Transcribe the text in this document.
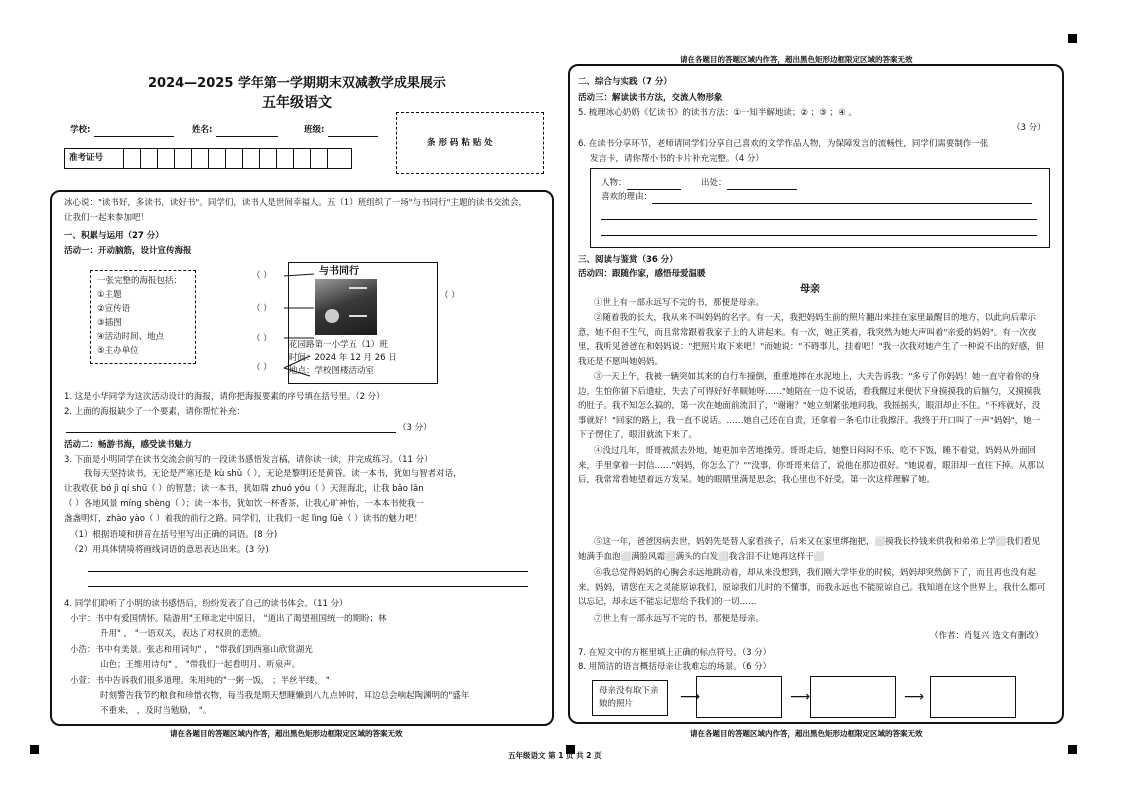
2024—2025 学年第一学期期末双减教学成果展示
五年级语文
学校:	姓名:	班级:
条 形 码 粘 贴 处
准考证号
冰心说："读书好，多读书，读好书"。同学们，读书人是世间幸福人。五（1）班组织了一场"与书同行"主题的读书交流会，让我们一起来参加吧！
一、积累与运用（27 分）
活动一：开动脑筋，设计宣传海报
一张完整的海报包括：
①主题
②宣传语
③插图
④活动时间、地点
⑤主办单位
（ ）
（ ）
（ ）
（ ）
（ ）
与书同行
花园路第一小学五（1）班
时间：2024 年 12 月 26 日
地点：学校图楼活动室
1. 这是小华同学为这次活动设计的海报，请你把海报要素的序号填在括号里。（2 分）
2. 上面的海报缺少了一个要素，请你帮忙补充：
（3 分）
活动二：畅游书海，感受读书魅力
3. 下面是小明同学在读书交流会前写的一段读书感悟发言稿，请你读一读，并完成练习。（11 分）
我每天坚持读书，无论是严寒还是 kù shǔ（ ），无论是黎明还是黄昏。读一本书，犹如与智者对话，
让我收获 bó jì qí shū（ ）的智慧；读一本书，犹如瑞 zhuó yóu（ ）天涯海北，让我 bǎo lǎn
（ ）各地风景 míng shèng（ ）；读一本书，犹如饮一杯香茶，让我心旷神怡，一本本书使我一
盏盏明灯，zhào yào（ ）着我的前行之路。同学们，让我们一起 lìng lüè（ ）读书的魅力吧！
（1）根据语境和拼音在括号里写出正确的词语。(8 分)
（2）用具体情境将画线词语的意思表达出来。(3 分)
4. 同学们聆听了小明的读书感悟后，纷纷发表了自己的读书体会。（11 分）
小宇：书中有爱国情怀。陆游用"王师北定中原日， "道出了渴望祖国统一的期盼；林
升用" ， "一语双关，表达了对权贵的悲愤。
小浩：书中有美景。张志和用词句" ， "带我们到西塞山欣赏湖光
山色；王维用诗句" ， "带我们一起看明月、听泉声。
小萱：书中告诉我们很多道理。朱用纯的"一粥一饭， ；半丝半缕， "
时刻警告我节约粮食和珍惜衣物，每当我是期天想睡懒到八九点钟时，耳边总会响起陶渊明的"盛年
不重来， ，及时当勉励， "。
请在各题目的答题区域内作答，超出黑色矩形边框限定区域的答案无效
请在各题目的答题区域内作答，超出黑色矩形边框限定区域的答案无效
二、综合与实践（7 分）
活动三：解读读书方法，交流人物形象
5. 梳理冰心奶奶《忆读书》的读书方法：①一知半解地读；② ；③ ；④ 。
（3 分）
6. 在读书分享环节，老师请同学们分享自己喜欢的文学作品人物，为保障发言的流畅性，同学们需要制作一张
发言卡，请你帮小书的卡片补充完整。（4 分）
人物：	出处：
喜欢的理由：
三、阅读与鉴赏（36 分）
活动四：跟随作家，感悟母爱温暖
母亲
①世上有一部永远写不完的书，那便是母亲。
②随着我的长大，我从来不叫妈妈的名字。有一天，我把妈妈生前的照片翻出来挂在家里最醒目的地方，以此向后辈示意，她不但不生气，而且常常跟着我家子上的人讲起来。有一次，她正笑着，我突然为她大声叫着"亲爱的妈妈"。有一次夜里，我听见爸爸在和妈妈说："把照片取下来吧！"而她说："不碍事儿，挂着吧！"我一次我对她产生了一种说不出的好感，但我还是不愿叫她妈妈。
③一天上午，我被一辆突如其来的自行车撞倒，重重地摔在水泥地上，大夫告诉我："多亏了你妈妈！她一直守着你的身边，生怕你留下后遗症，失去了可得好好孝顺她呀……"她陪在一边不说话，看我醒过来便伏下身摸摸我的后脑勺，又摸摸我的肚子。我不知怎么搞的，第一次在她面前流泪了，"谢谢？"她立刻紧张地问我，我摇摇头，眼泪却止不住。"不疼就好，没事就好！"回家的路上，我一直不说话。……她自己还在自责，还拿着一条毛巾让我擦汗。我终于开口叫了一声"妈妈"，她一下子愣住了，眼泪就流下来了。
④没过几年，哥哥被派去外地，她更加辛苦地操劳。哥哥走后，她整日闷闷不乐，吃不下饭，睡不着觉，妈妈从外面回来，手里拿着一封信……"妈妈，你怎么了？""没事，你哥哥来信了，说他在那边很好。"她说着，眼泪却一直往下掉。从那以后，我常常看她望着远方发呆。她的眼睛里满是思念，我心里也不好受，第一次这样理解了她。
⑤这一年，爸爸因病去世，妈妈先是替人家看孩子，后来又在家里绑拖把，⬜摸我长拎钱来供我和弟弟上学⬜我们看见她满手血泡⬜满脸风霜⬜满头的白发⬜我含泪不让她再这样干⬜
⑥我总觉得妈妈的心胸会永远地跳动着，却从来没想到，我们刚大学毕业的时候，妈妈却突然倒下了，而且再也没有起来。妈妈，请您在天之灵能原谅我们，原谅我们儿时的不懂事，而我永远也不能原谅自己。我知道在这个世界上，我什么都可以忘记，却永远不能忘记您给予我们的一切……
⑦世上有一部永远写不完的书，那便是母亲。
（作者：肖复兴 选文有删改）
7. 在短文中的方框里填上正确的标点符号。（3 分）
8. 用简洁的语言概括母亲让我难忘的场景。（6 分）
母亲没有取下亲娘的照片	⟶	⟶	⟶
请在各题目的答题区域内作答，超出黑色矩形边框限定区域的答案无效
五年级语文 第 1 页 共 2 页
